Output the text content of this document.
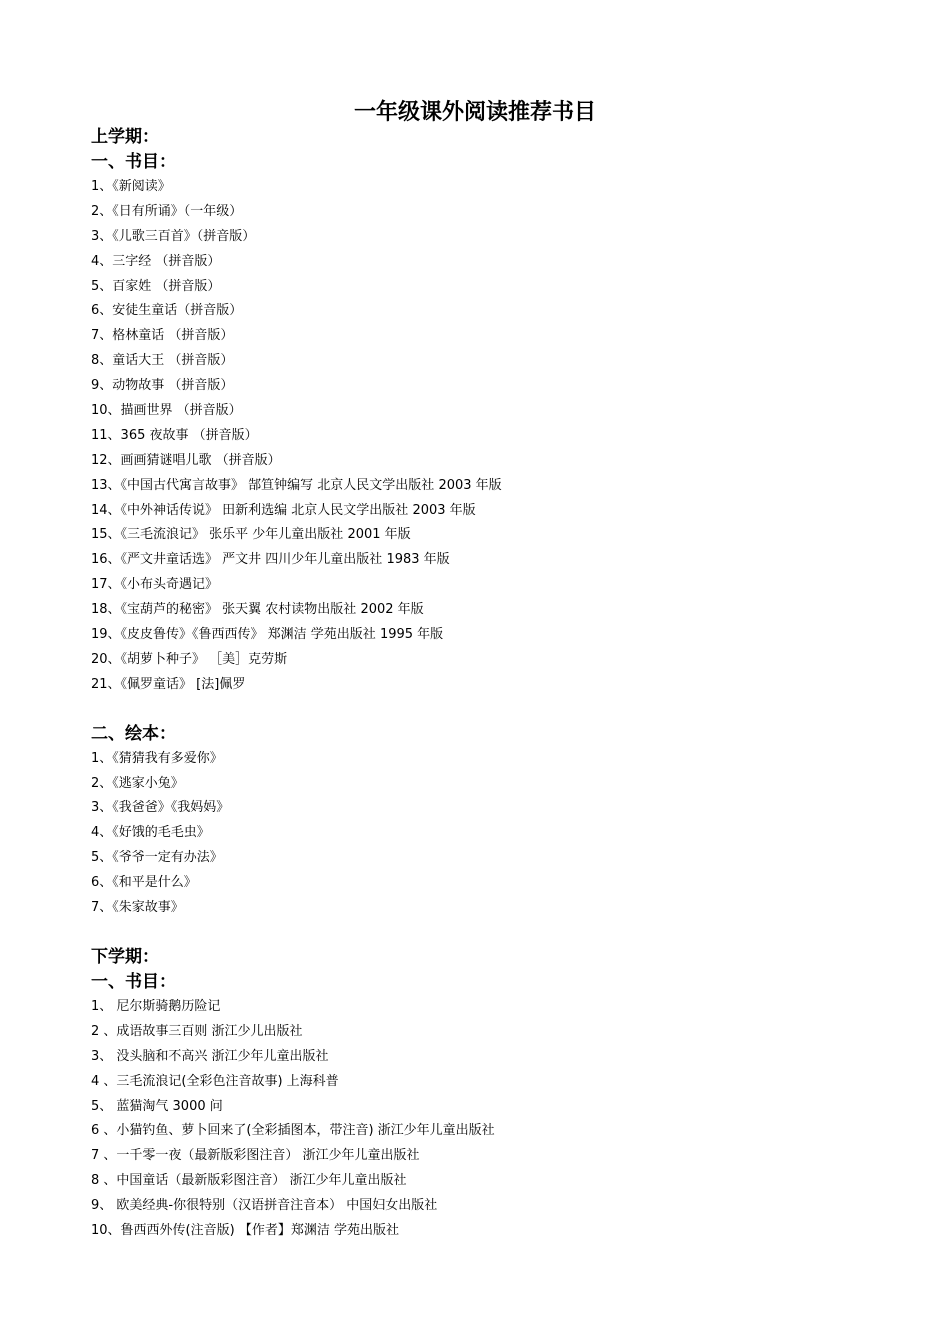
一年级课外阅读推荐书目
上学期：
一、书目：
1、《新阅读》
2、《日有所诵》（一年级）
3、《儿歌三百首》（拼音版）
4、三字经 （拼音版）
5、百家姓 （拼音版）
6、安徒生童话（拼音版）
7、格林童话 （拼音版）
8、童话大王 （拼音版）
9、动物故事 （拼音版）
10、描画世界 （拼音版）
11、365 夜故事 （拼音版）
12、画画猜谜唱儿歌 （拼音版）
13、《中国古代寓言故事》 郜笪钟编写 北京人民文学出版社 2003 年版
14、《中外神话传说》 田新利选编 北京人民文学出版社 2003 年版
15、《三毛流浪记》 张乐平 少年儿童出版社 2001 年版
16、《严文井童话选》 严文井 四川少年儿童出版社 1983 年版
17、《小布头奇遇记》
18、《宝葫芦的秘密》 张天翼 农村读物出版社 2002 年版
19、《皮皮鲁传》《鲁西西传》 郑渊洁 学苑出版社 1995 年版
20、《胡萝卜种子》 ［美］克劳斯
21、《佩罗童话》 [法]佩罗
二、绘本：
1、《猜猜我有多爱你》
2、《逃家小兔》
3、《我爸爸》《我妈妈》
4、《好饿的毛毛虫》
5、《爷爷一定有办法》
6、《和平是什么》
7、《朱家故事》
下学期：
一、书目：
1、 尼尔斯骑鹅历险记
2 、成语故事三百则 浙江少儿出版社
3、 没头脑和不高兴 浙江少年儿童出版社
4 、三毛流浪记(全彩色注音故事) 上海科普
5、 蓝猫淘气 3000 问
6 、小猫钓鱼、萝卜回来了(全彩插图本，带注音) 浙江少年儿童出版社
7 、一千零一夜（最新版彩图注音） 浙江少年儿童出版社
8 、中国童话（最新版彩图注音） 浙江少年儿童出版社
9、 欧美经典-你很特别（汉语拼音注音本） 中国妇女出版社
10、鲁西西外传(注音版) 【作者】郑渊洁 学苑出版社
